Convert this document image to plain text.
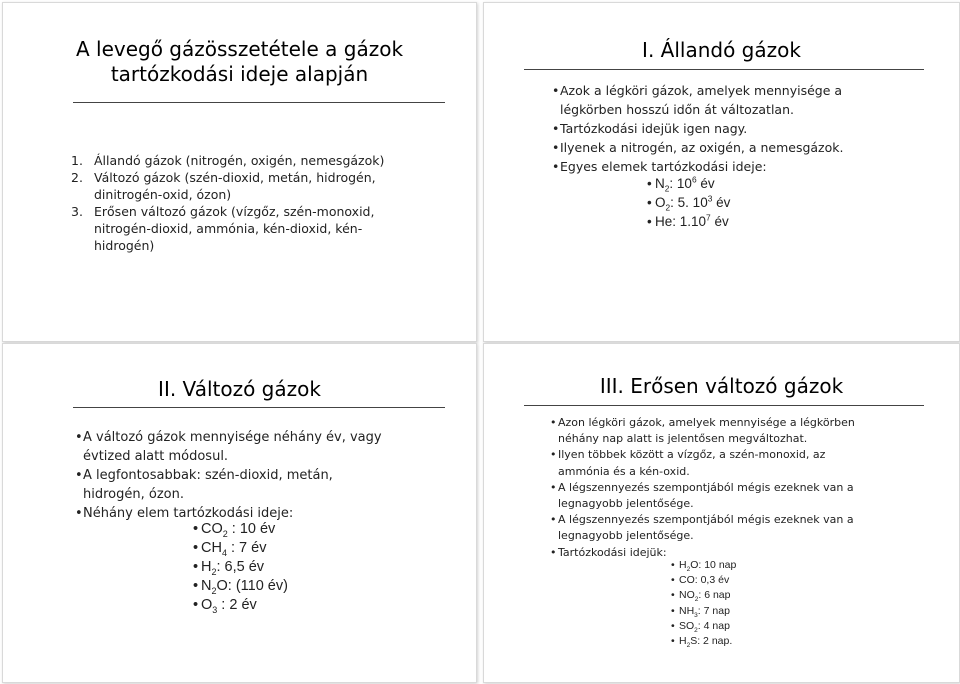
A levegő gázösszetétele a gázok
tartózkodási ideje alapján
1. Állandó gázok (nitrogén, oxigén, nemesgázok)
2. Változó gázok (szén-dioxid, metán, hidrogén, dinitrogén-oxid, ózon)
3. Erősen változó gázok (vízgőz, szén-monoxid, nitrogén-dioxid, ammónia, kén-dioxid, kén-hidrogén)
I. Állandó gázok
• Azok a légköri gázok, amelyek mennyisége a légkörben hosszú időn át változatlan.
• Tartózkodási idejük igen nagy.
• Ilyenek a nitrogén, az oxigén, a nemesgázok.
• Egyes elemek tartózkodási ideje:
• $N_2$: $10^6$ év
• $O_2$: 5. $10^3$ év
• He: 1.10$^7$ év
II. Változó gázok
• A változó gázok mennyisége néhány év, vagy évtized alatt módosul.
• A legfontosabbak: szén-dioxid, metán, hidrogén, ózon.
• Néhány elem tartózkodási ideje:
• $CO_2$ : 10 év
• $CH_4$ : 7 év
• $H_2$: 6,5 év
• $N_2O$: (110 év)
• $O_3$ : 2 év
III. Erősen változó gázok
• Azon légköri gázok, amelyek mennyisége a légkörben néhány nap alatt is jelentősen megváltozhat.
• Ilyen többek között a vízgőz, a szén-monoxid, az ammónia és a kén-oxid.
• A légszennyezés szempontjából mégis ezeknek van a legnagyobb jelentősége.
• A légszennyezés szempontjából mégis ezeknek van a legnagyobb jelentősége.
• Tartózkodási idejük:
• $H_2O$: 10 nap
• CO: 0,3 év
• $NO_2$: 6 nap
• $NH_3$: 7 nap
• $SO_2$: 4 nap
• $H_2S$: 2 nap.
